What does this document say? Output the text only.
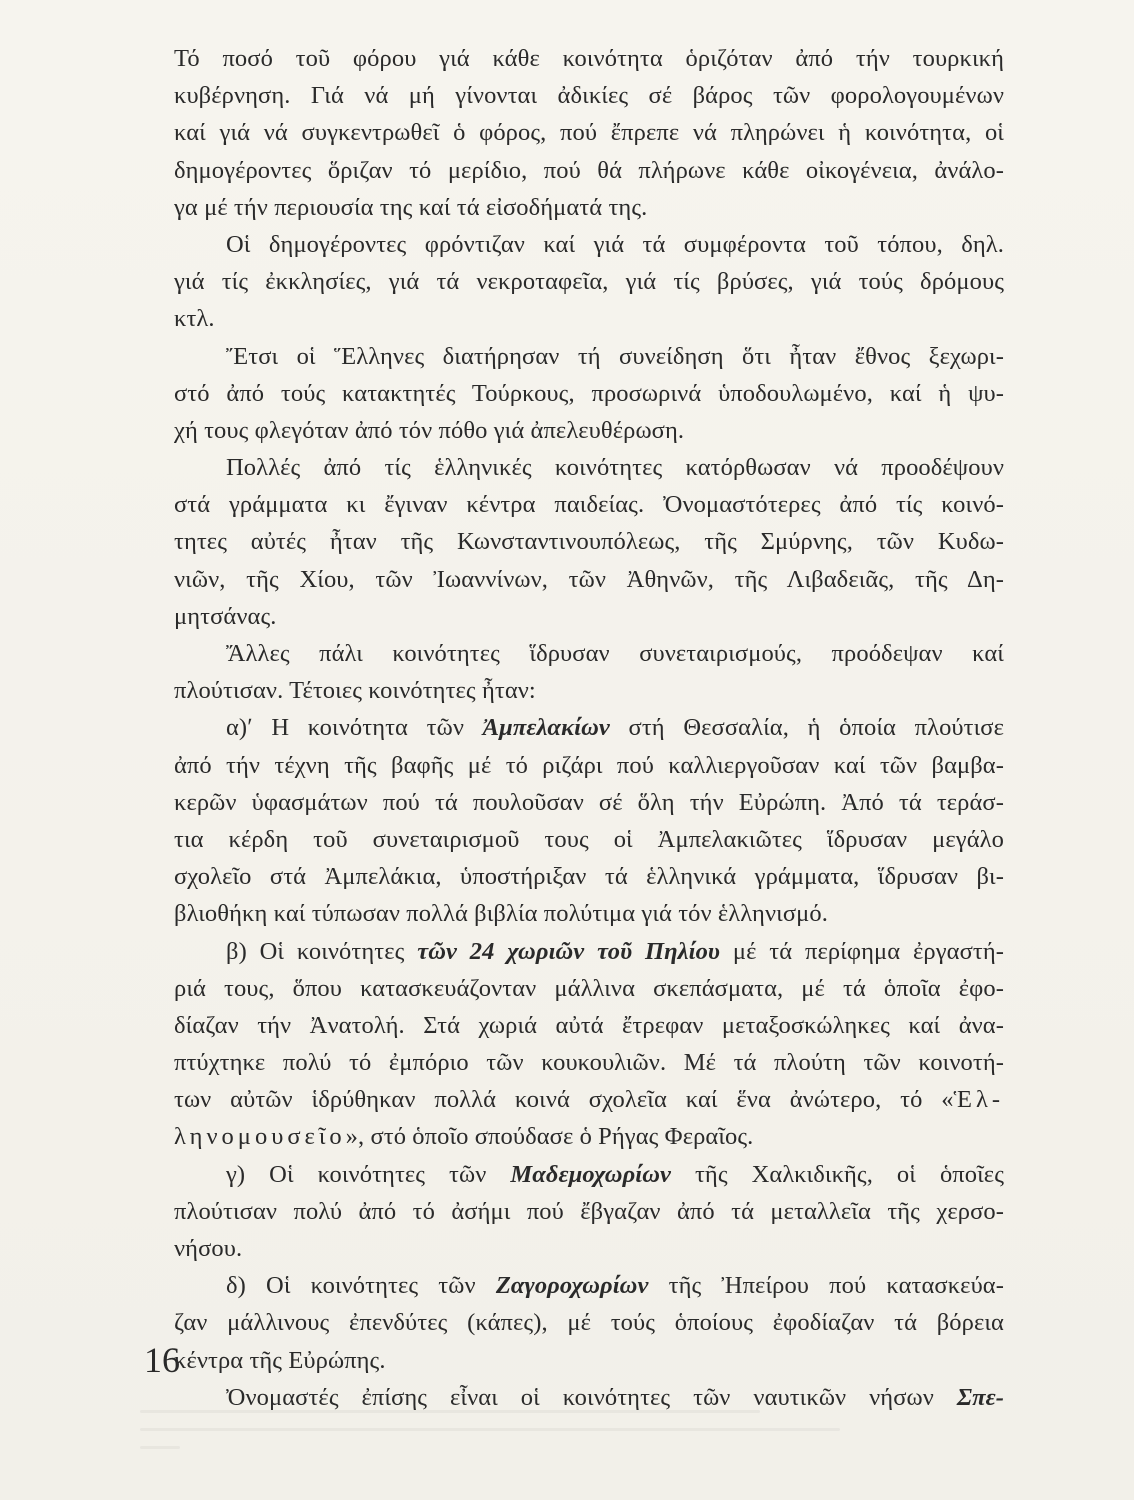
Τό ποσό τοῦ φόρου γιά κάθε κοινότητα ὁριζόταν ἀπό τήν τουρκική
κυβέρνηση. Γιά νά μή γίνονται ἀδικίες σέ βάρος τῶν φορολογουμένων
καί γιά νά συγκεντρωθεῖ ὁ φόρος, πού ἔπρεπε νά πληρώνει ἡ κοινότητα, οἱ
δημογέροντες ὅριζαν τό μερίδιο, πού θά πλήρωνε κάθε οἰκογένεια, ἀνάλο-
γα μέ τήν περιουσία της καί τά εἰσοδήματά της.
Οἱ δημογέροντες φρόντιζαν καί γιά τά συμφέροντα τοῦ τόπου, δηλ.
γιά τίς ἐκκλησίες, γιά τά νεκροταφεῖα, γιά τίς βρύσες, γιά τούς δρόμους
κτλ.
Ἔτσι οἱ Ἕλληνες διατήρησαν τή συνείδηση ὅτι ἦταν ἔθνος ξεχωρι-
στό ἀπό τούς κατακτητές Τούρκους, προσωρινά ὑποδουλωμένο, καί ἡ ψυ-
χή τους φλεγόταν ἀπό τόν πόθο γιά ἀπελευθέρωση.
Πολλές ἀπό τίς ἑλληνικές κοινότητες κατόρθωσαν νά προοδέψουν
στά γράμματα κι ἔγιναν κέντρα παιδείας. Ὀνομαστότερες ἀπό τίς κοινό-
τητες αὐτές ἦταν τῆς Κωνσταντινουπόλεως, τῆς Σμύρνης, τῶν Κυδω-
νιῶν, τῆς Χίου, τῶν Ἰωαννίνων, τῶν Ἀθηνῶν, τῆς Λιβαδειᾶς, τῆς Δη-
μητσάνας.
Ἄλλες πάλι κοινότητες ἵδρυσαν συνεταιρισμούς, προόδεψαν καί
πλούτισαν. Τέτοιες κοινότητες ἦταν:
α)ʹ Η κοινότητα τῶν Ἀμπελακίων στή Θεσσαλία, ἡ ὁποία πλούτισε
ἀπό τήν τέχνη τῆς βαφῆς μέ τό ριζάρι πού καλλιεργοῦσαν καί τῶν βαμβα-
κερῶν ὑφασμάτων πού τά πουλοῦσαν σέ ὅλη τήν Εὐρώπη. Ἀπό τά τεράσ-
τια κέρδη τοῦ συνεταιρισμοῦ τους οἱ Ἀμπελακιῶτες ἵδρυσαν μεγάλο
σχολεῖο στά Ἀμπελάκια, ὑποστήριξαν τά ἑλληνικά γράμματα, ἵδρυσαν βι-
βλιοθήκη καί τύπωσαν πολλά βιβλία πολύτιμα γιά τόν ἑλληνισμό.
β) Οἱ κοινότητες τῶν 24 χωριῶν τοῦ Πηλίου μέ τά περίφημα ἐργαστή-
ριά τους, ὅπου κατασκευάζονταν μάλλινα σκεπάσματα, μέ τά ὁποῖα ἐφο-
δίαζαν τήν Ἀνατολή. Στά χωριά αὐτά ἔτρεφαν μεταξοσκώληκες καί ἀνα-
πτύχτηκε πολύ τό ἐμπόριο τῶν κουκουλιῶν. Μέ τά πλούτη τῶν κοινοτή-
των αὐτῶν ἱδρύθηκαν πολλά κοινά σχολεῖα καί ἕνα ἀνώτερο, τό «Ἑλ-
ληνομουσεῖο», στό ὁποῖο σπούδασε ὁ Ρήγας Φεραῖος.
γ) Οἱ κοινότητες τῶν Μαδεμοχωρίων τῆς Χαλκιδικῆς, οἱ ὁποῖες
πλούτισαν πολύ ἀπό τό ἀσήμι πού ἔβγαζαν ἀπό τά μεταλλεῖα τῆς χερσο-
νήσου.
δ) Οἱ κοινότητες τῶν Ζαγοροχωρίων τῆς Ἠπείρου πού κατασκεύα-
ζαν μάλλινους ἐπενδύτες (κάπες), μέ τούς ὁποίους ἐφοδίαζαν τά βόρεια
κέντρα τῆς Εὐρώπης.
Ὀνομαστές ἐπίσης εἶναι οἱ κοινότητες τῶν ναυτικῶν νήσων Σπε-
16
